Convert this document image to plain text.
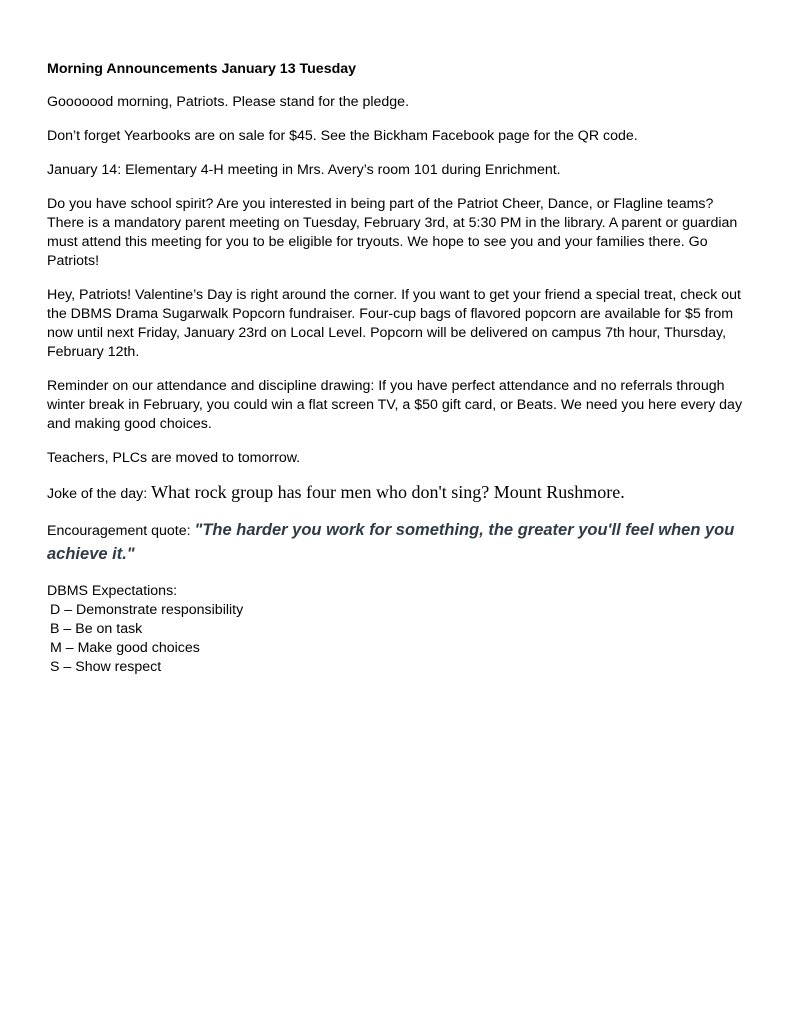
Morning Announcements January 13 Tuesday

Gooooood morning, Patriots. Please stand for the pledge.

Don’t forget Yearbooks are on sale for $45. See the Bickham Facebook page for the QR code.

January 14: Elementary 4-H meeting in Mrs. Avery’s room 101 during Enrichment.

Do you have school spirit? Are you interested in being part of the Patriot Cheer, Dance, or Flagline teams? There is a mandatory parent meeting on Tuesday, February 3rd, at 5:30 PM in the library. A parent or guardian must attend this meeting for you to be eligible for tryouts. We hope to see you and your families there. Go Patriots!

Hey, Patriots! Valentine’s Day is right around the corner. If you want to get your friend a special treat, check out the DBMS Drama Sugarwalk Popcorn fundraiser. Four-cup bags of flavored popcorn are available for $5 from now until next Friday, January 23rd on Local Level. Popcorn will be delivered on campus 7th hour, Thursday, February 12th.

Reminder on our attendance and discipline drawing: If you have perfect attendance and no referrals through winter break in February, you could win a flat screen TV, a $50 gift card, or Beats. We need you here every day and making good choices.

Teachers, PLCs are moved to tomorrow.

Joke of the day: What rock group has four men who don't sing? Mount Rushmore.

Encouragement quote: "The harder you work for something, the greater you'll feel when you achieve it."

DBMS Expectations:
D – Demonstrate responsibility
B – Be on task
M – Make good choices
S – Show respect
